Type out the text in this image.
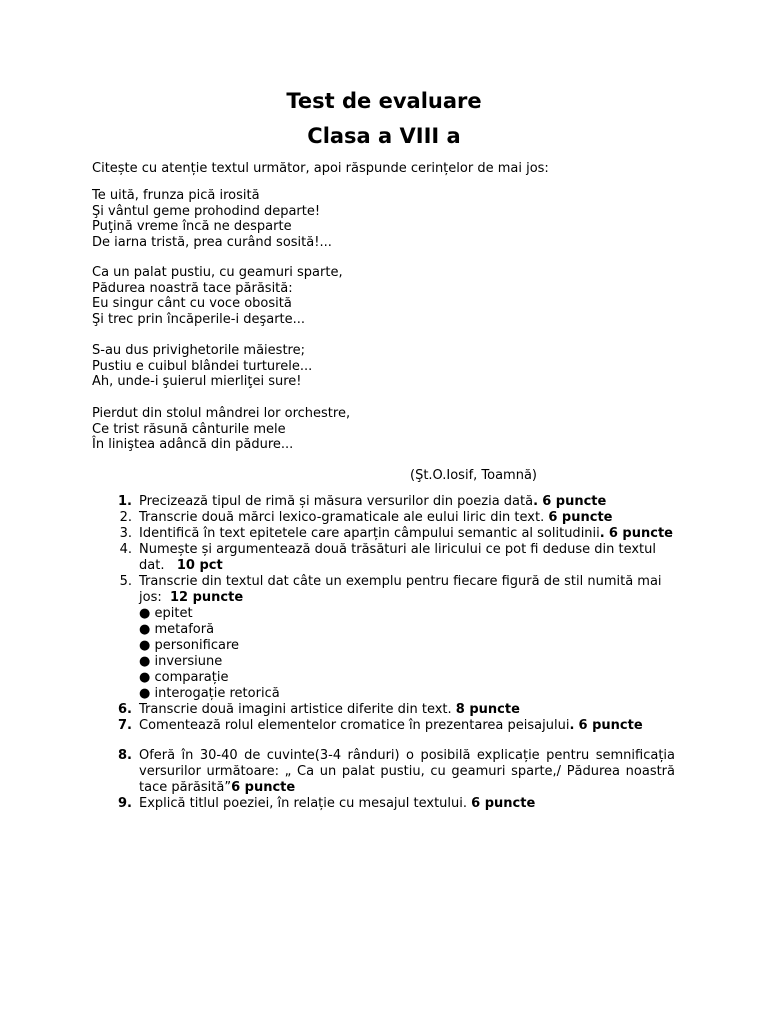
Test de evaluare
Clasa a VIII a

Citește cu atenție textul următor, apoi răspunde cerințelor de mai jos:

Te uită, frunza pică irosită
Şi vântul geme prohodind departe!
Puţină vreme încă ne desparte
De iarna tristă, prea curând sosită!...
Ca un palat pustiu, cu geamuri sparte,
Pădurea noastră tace părăsită:
Eu singur cânt cu voce obosită
Şi trec prin încăperile-i deşarte...
S-au dus privighetorile măiestre;
Pustiu e cuibul blândei turturele...
Ah, unde-i şuierul mierliţei sure!
Pierdut din stolul mândrei lor orchestre,
Ce trist răsună cânturile mele
În liniştea adâncă din pădure...

(Şt.O.Iosif, Toamnă)

1. Precizează tipul de rimă și măsura versurilor din poezia dată. 6 puncte
2. Transcrie două mărci lexico-gramaticale ale eului liric din text. 6 puncte
3. Identifică în text epitetele care aparțin câmpului semantic al solitudinii. 6 puncte
4. Numește și argumentează două trăsături ale liricului ce pot fi deduse din textul dat. 10 pct
5. Transcrie din textul dat câte un exemplu pentru fiecare figură de stil numită mai jos: 12 puncte
● epitet
● metaforă
● personificare
● inversiune
● comparație
● interogație retorică
6. Transcrie două imagini artistice diferite din text. 8 puncte
7. Comentează rolul elementelor cromatice în prezentarea peisajului. 6 puncte
8. Oferă în 30-40 de cuvinte(3-4 rânduri) o posibilă explicație pentru semnificația versurilor următoare: „ Ca un palat pustiu, cu geamuri sparte,/ Pădurea noastră tace părăsită”6 puncte
9. Explică titlul poeziei, în relație cu mesajul textului. 6 puncte
